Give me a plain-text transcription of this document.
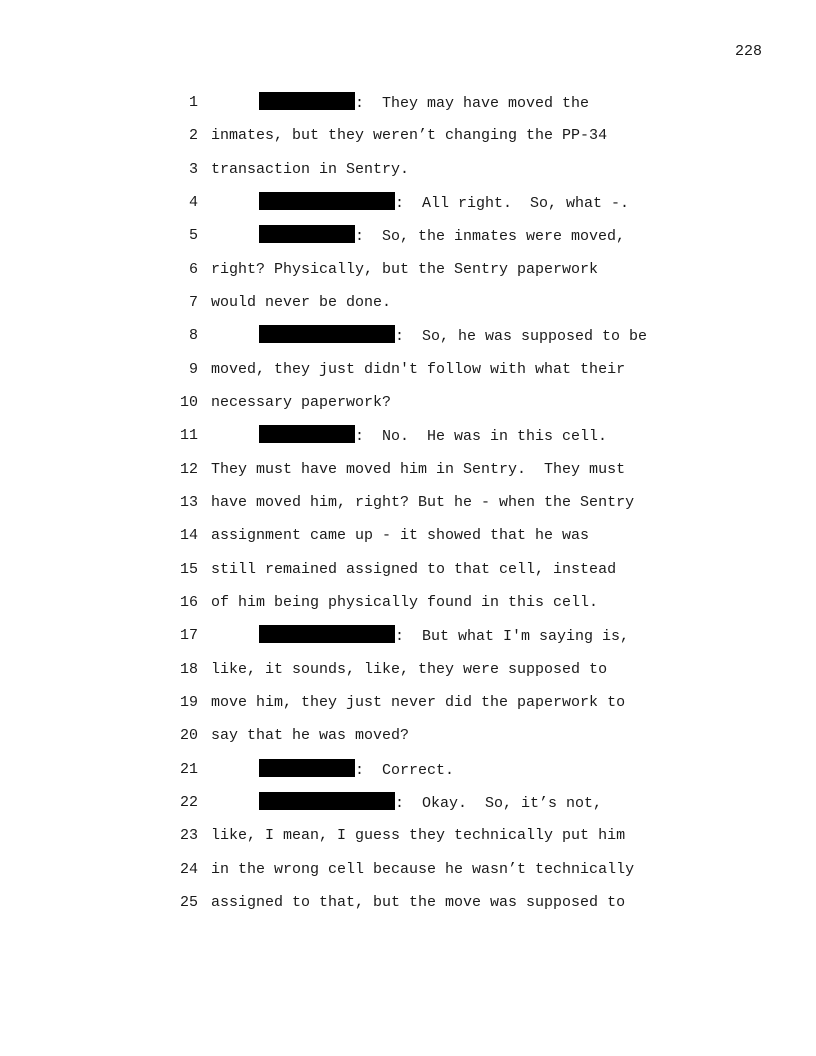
228
1	:  They may have moved the
2 inmates, but they weren’t changing the PP-34
3 transaction in Sentry.
4	:  All right.  So, what -.
5	:  So, the inmates were moved,
6 right? Physically, but the Sentry paperwork
7 would never be done.
8	:  So, he was supposed to be
9 moved, they just didn't follow with what their
10 necessary paperwork?
11	:  No.  He was in this cell.
12 They must have moved him in Sentry.  They must
13 have moved him, right? But he - when the Sentry
14 assignment came up - it showed that he was
15 still remained assigned to that cell, instead
16 of him being physically found in this cell.
17	:  But what I'm saying is,
18 like, it sounds, like, they were supposed to
19 move him, they just never did the paperwork to
20 say that he was moved?
21	:  Correct.
22	:  Okay.  So, it’s not,
23 like, I mean, I guess they technically put him
24 in the wrong cell because he wasn’t technically
25 assigned to that, but the move was supposed to
